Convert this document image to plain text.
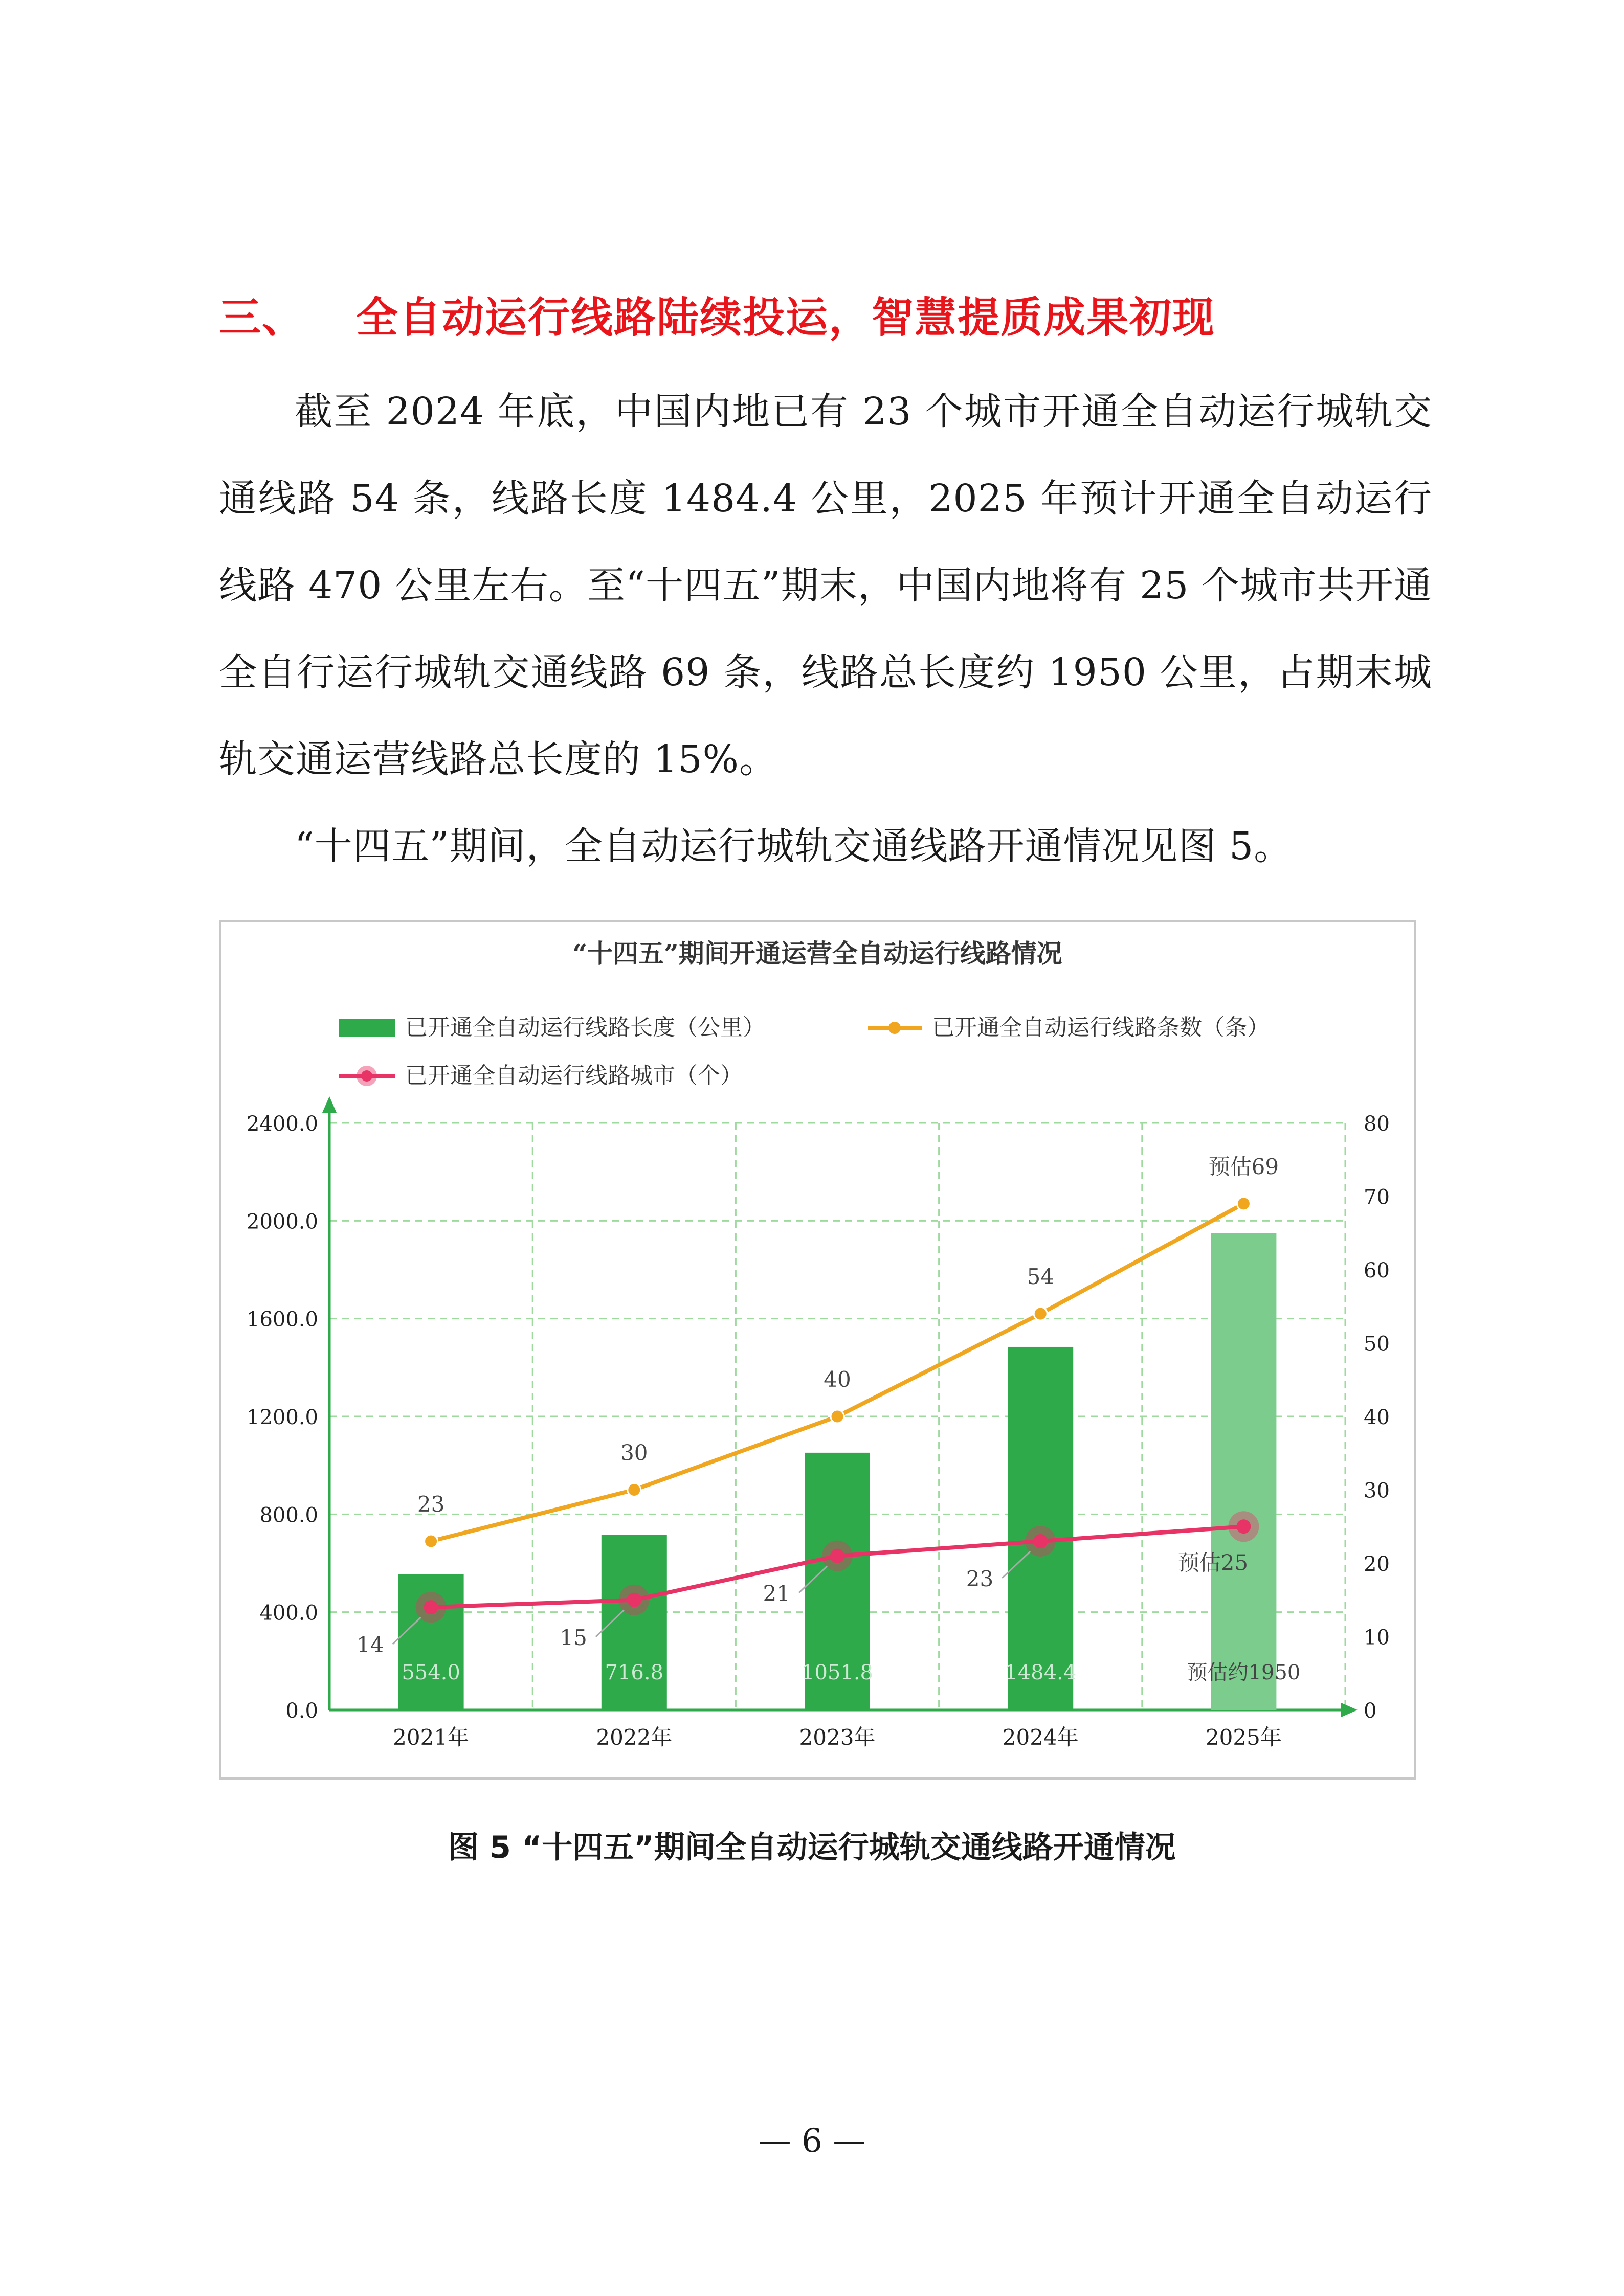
三、 全自动运行线路陆续投运，智慧提质成果初现
截至 2024 年底，中国内地已有 23 个城市开通全自动运行城轨交通线路 54 条，线路长度 1484.4 公里，2025 年预计开通全自动运行线路 470 公里左右。至“十四五”期末，中国内地将有 25 个城市共开通全自行运行城轨交通线路 69 条，线路总长度约 1950 公里，占期末城轨交通运营线路总长度的 15%。
“十四五”期间，全自动运行城轨交通线路开通情况见图 5。
“十四五”期间开通运营全自动运行线路情况
已开通全自动运行线路长度（公里）	已开通全自动运行线路条数（条）
已开通全自动运行线路城市（个）
0.0
400.0
800.0
1200.0
1600.0
2000.0
2400.0
0
10
20
30
40
50
60
70
80
554.0	716.8	1051.8	1484.4	预估约1950
2021年	2022年	2023年	2024年	2025年
23
30
40
54
预估69
14	15
21
23
预估25
图 5 “十四五”期间全自动运行城轨交通线路开通情况
— 6 —
